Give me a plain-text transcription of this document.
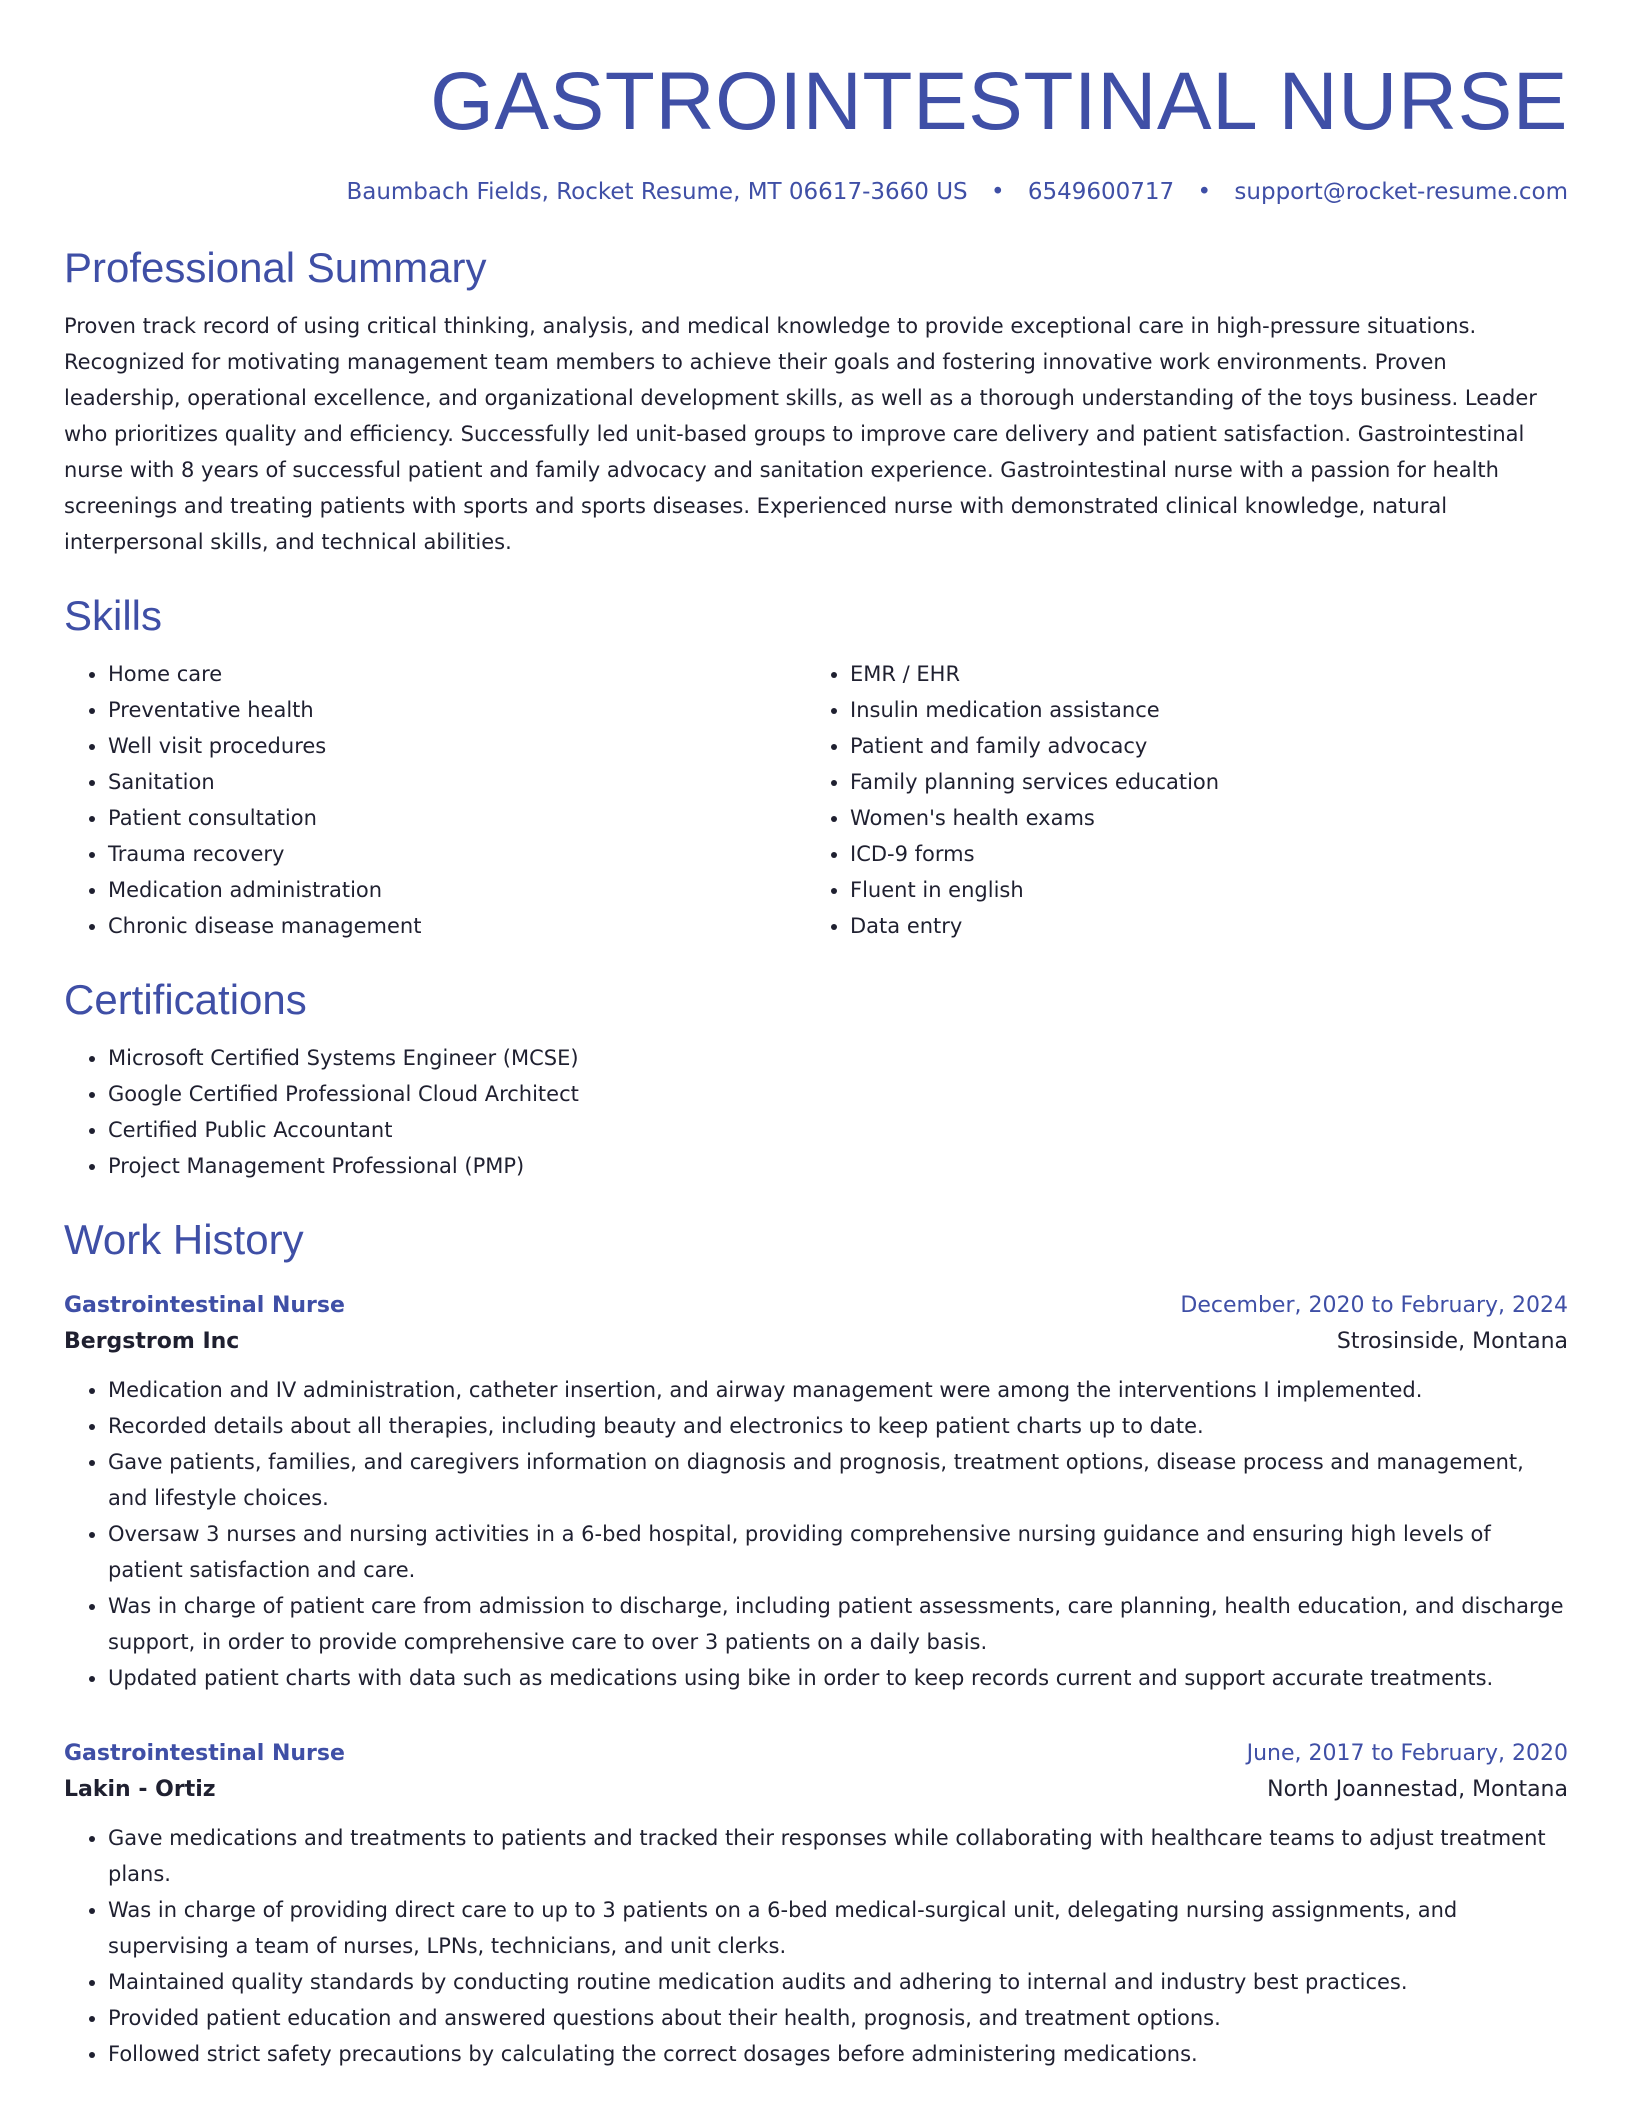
GASTROINTESTINAL NURSE
Baumbach Fields, Rocket Resume, MT 06617-3660 US • 6549600717 • support@rocket-resume.com
Professional Summary

Proven track record of using critical thinking, analysis, and medical knowledge to provide exceptional care in high-pressure situations. Recognized for motivating management team members to achieve their goals and fostering innovative work environments. Proven leadership, operational excellence, and organizational development skills, as well as a thorough understanding of the toys business. Leader who prioritizes quality and efficiency. Successfully led unit-based groups to improve care delivery and patient satisfaction. Gastrointestinal nurse with 8 years of successful patient and family advocacy and sanitation experience. Gastrointestinal nurse with a passion for health screenings and treating patients with sports and sports diseases. Experienced nurse with demonstrated clinical knowledge, natural interpersonal skills, and technical abilities.

Skills
• Home care
• Preventative health
• Well visit procedures
• Sanitation
• Patient consultation
• Trauma recovery
• Medication administration
• Chronic disease management
• EMR / EHR
• Insulin medication assistance
• Patient and family advocacy
• Family planning services education
• Women's health exams
• ICD-9 forms
• Fluent in english
• Data entry
Certifications
• Microsoft Certified Systems Engineer (MCSE)
• Google Certified Professional Cloud Architect
• Certified Public Accountant
• Project Management Professional (PMP)
Work History
Gastrointestinal Nurse	December, 2020 to February, 2024
Bergstrom Inc	Strosinside, Montana
• Medication and IV administration, catheter insertion, and airway management were among the interventions I implemented.
• Recorded details about all therapies, including beauty and electronics to keep patient charts up to date.
• Gave patients, families, and caregivers information on diagnosis and prognosis, treatment options, disease process and management, and lifestyle choices.
• Oversaw 3 nurses and nursing activities in a 6-bed hospital, providing comprehensive nursing guidance and ensuring high levels of patient satisfaction and care.
• Was in charge of patient care from admission to discharge, including patient assessments, care planning, health education, and discharge support, in order to provide comprehensive care to over 3 patients on a daily basis.
• Updated patient charts with data such as medications using bike in order to keep records current and support accurate treatments.
Gastrointestinal Nurse	June, 2017 to February, 2020
Lakin - Ortiz	North Joannestad, Montana
• Gave medications and treatments to patients and tracked their responses while collaborating with healthcare teams to adjust treatment plans.
• Was in charge of providing direct care to up to 3 patients on a 6-bed medical-surgical unit, delegating nursing assignments, and supervising a team of nurses, LPNs, technicians, and unit clerks.
• Maintained quality standards by conducting routine medication audits and adhering to internal and industry best practices.
• Provided patient education and answered questions about their health, prognosis, and treatment options.
• Followed strict safety precautions by calculating the correct dosages before administering medications.
